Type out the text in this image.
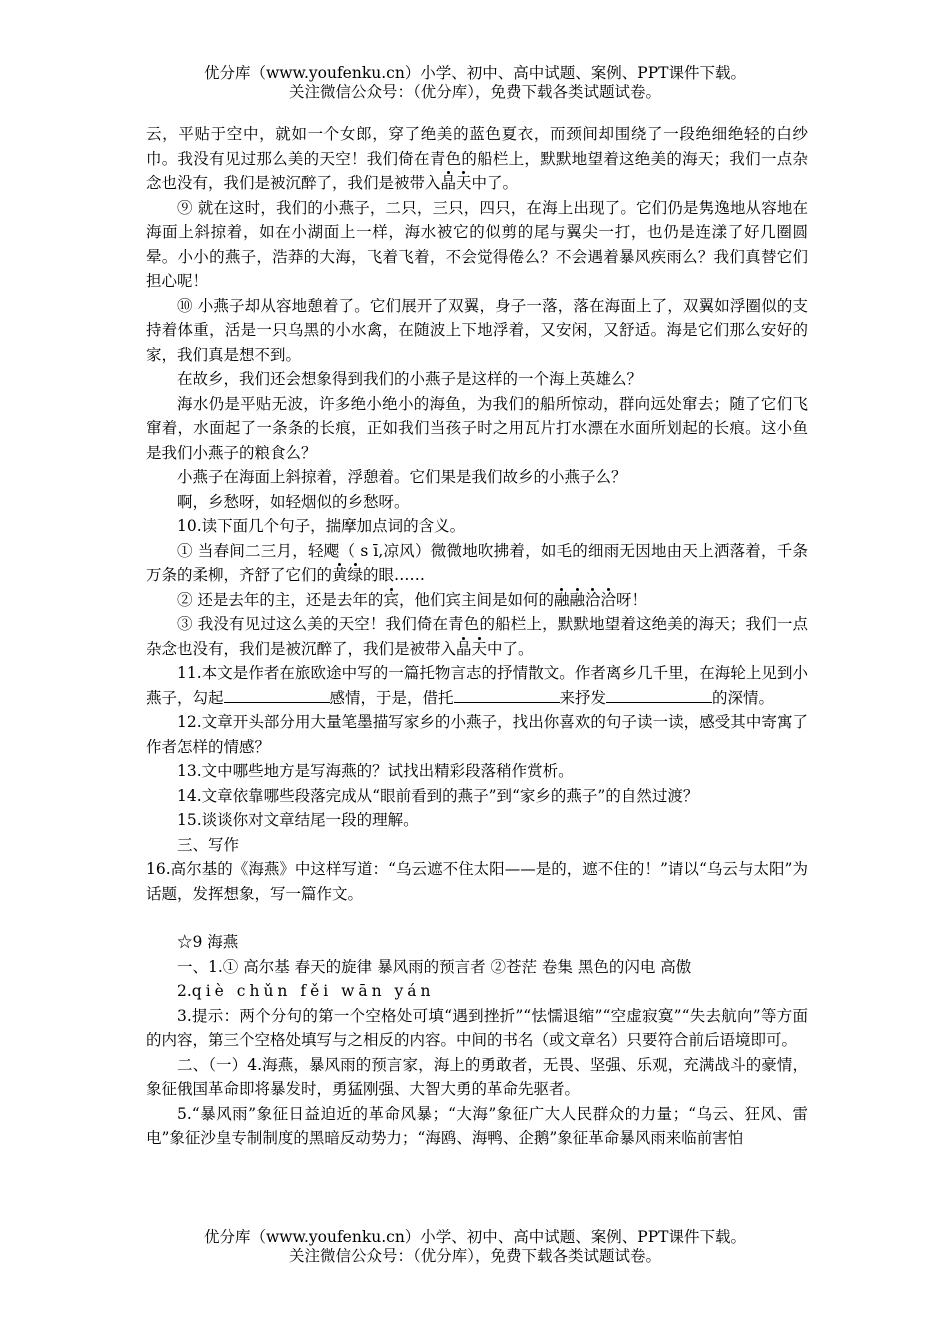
优分库（www.youfenku.cn）小学、初中、高中试题、案例、PPT课件下载。
关注微信公众号：（优分库），免费下载各类试题试卷。

云，平贴于空中，就如一个女郎，穿了绝美的蓝色夏衣，而颈间却围绕了一段绝细绝轻的白纱巾。我没有见过那么美的天空！我们倚在青色的船栏上，默默地望着这绝美的海天；我们一点杂念也没有，我们是被沉醉了，我们是被带入晶天中了。

⑨ 就在这时，我们的小燕子，二只，三只，四只，在海上出现了。它们仍是隽逸地从容地在海面上斜掠着，如在小湖面上一样，海水被它的似剪的尾与翼尖一打，也仍是连漾了好几圈圆晕。小小的燕子，浩莽的大海，飞着飞着，不会觉得倦么？不会遇着暴风疾雨么？我们真替它们担心呢！

⑩ 小燕子却从容地憩着了。它们展开了双翼，身子一落，落在海面上了，双翼如浮圈似的支持着体重，活是一只乌黑的小水禽，在随波上下地浮着，又安闲，又舒适。海是它们那么安好的家，我们真是想不到。

在故乡，我们还会想象得到我们的小燕子是这样的一个海上英雄么？

海水仍是平贴无波，许多绝小绝小的海鱼，为我们的船所惊动，群向远处窜去；随了它们飞窜着，水面起了一条条的长痕，正如我们当孩子时之用瓦片打水漂在水面所划起的长痕。这小鱼是我们小燕子的粮食么？

小燕子在海面上斜掠着，浮憩着。它们果是我们故乡的小燕子么？

啊，乡愁呀，如轻烟似的乡愁呀。

10.读下面几个句子，揣摩加点词的含义。

① 当春间二三月，轻飔（ s ī,凉风）微微地吹拂着，如毛的细雨无因地由天上洒落着，千条万条的柔柳，齐舒了它们的黄绿的眼……

② 还是去年的主，还是去年的宾，他们宾主间是如何的融融洽洽呀！

③ 我没有见过这么美的天空！我们倚在青色的船栏上，默默地望着这绝美的海天；我们一点杂念也没有，我们是被沉醉了，我们是被带入晶天中了。

11.本文是作者在旅欧途中写的一篇托物言志的抒情散文。作者离乡几千里，在海轮上见到小燕子，勾起	感情，于是，借托	来抒发	的深情。

12.文章开头部分用大量笔墨描写家乡的小燕子，找出你喜欢的句子读一读，感受其中寄寓了作者怎样的情感？

13.文中哪些地方是写海燕的？试找出精彩段落稍作赏析。

14.文章依靠哪些段落完成从“眼前看到的燕子”到“家乡的燕子”的自然过渡？

15.谈谈你对文章结尾一段的理解。

三、写作

16.高尔基的《海燕》中这样写道：“乌云遮不住太阳——是的，遮不住的！”请以“乌云与太阳”为话题，发挥想象，写一篇作文。

☆9 海燕

一、1.① 高尔基 春天的旋律 暴风雨的预言者 ②苍茫 卷集 黑色的闪电 高傲

2.qiè chǔn fěi wān yán

3.提示：两个分句的第一个空格处可填“遇到挫折”“怯懦退缩”“空虚寂寞”“失去航向”等方面的内容，第三个空格处填写与之相反的内容。中间的书名（或文章名）只要符合前后语境即可。

二、（一）4.海燕，暴风雨的预言家，海上的勇敢者，无畏、坚强、乐观，充满战斗的豪情，象征俄国革命即将暴发时，勇猛刚强、大智大勇的革命先驱者。

5.“暴风雨”象征日益迫近的革命风暴；“大海”象征广大人民群众的力量；“乌云、狂风、雷电”象征沙皇专制制度的黑暗反动势力；“海鸥、海鸭、企鹅”象征革命暴风雨来临前害怕

优分库（www.youfenku.cn）小学、初中、高中试题、案例、PPT课件下载。
关注微信公众号：（优分库），免费下载各类试题试卷。
